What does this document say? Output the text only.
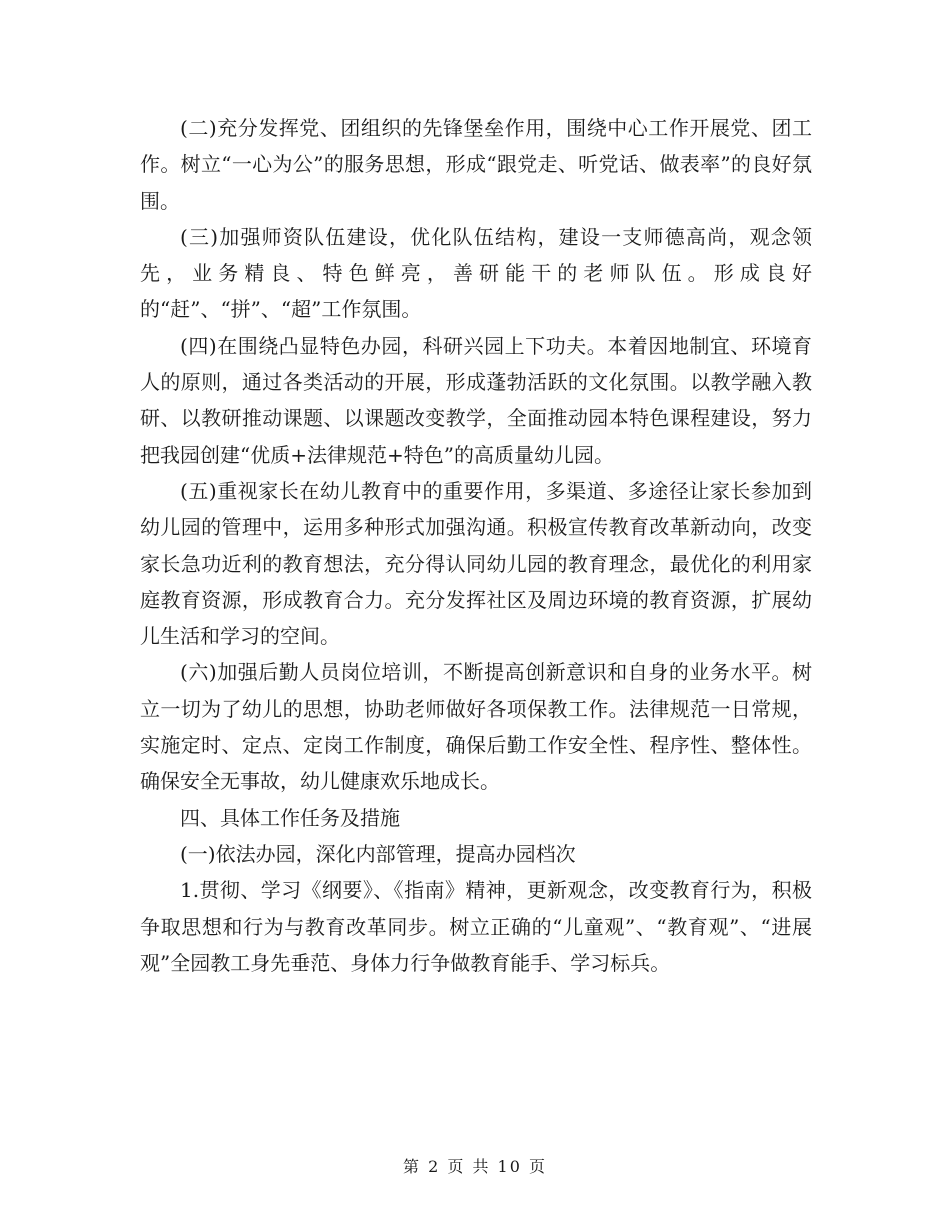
(二)充分发挥党、团组织的先锋堡垒作用，围绕中心工作开展党、团工作。树立“一心为公”的服务思想，形成“跟党走、听党话、做表率”的良好氛围。

(三)加强师资队伍建设，优化队伍结构，建设一支师德高尚，观念领先，业务精良、特色鲜亮，善研能干的老师队伍。形成良好的“赶”、“拼”、“超”工作氛围。

(四)在围绕凸显特色办园，科研兴园上下功夫。本着因地制宜、环境育人的原则，通过各类活动的开展，形成蓬勃活跃的文化氛围。以教学融入教研、以教研推动课题、以课题改变教学，全面推动园本特色课程建设，努力把我园创建“优质+法律规范+特色”的高质量幼儿园。

(五)重视家长在幼儿教育中的重要作用，多渠道、多途径让家长参加到幼儿园的管理中，运用多种形式加强沟通。积极宣传教育改革新动向，改变家长急功近利的教育想法，充分得认同幼儿园的教育理念，最优化的利用家庭教育资源，形成教育合力。充分发挥社区及周边环境的教育资源，扩展幼儿生活和学习的空间。

(六)加强后勤人员岗位培训，不断提高创新意识和自身的业务水平。树立一切为了幼儿的思想，协助老师做好各项保教工作。法律规范一日常规，实施定时、定点、定岗工作制度，确保后勤工作安全性、程序性、整体性。确保安全无事故，幼儿健康欢乐地成长。

四、具体工作任务及措施

(一)依法办园，深化内部管理，提高办园档次

1.贯彻、学习《纲要》、《指南》精神，更新观念，改变教育行为，积极争取思想和行为与教育改革同步。树立正确的“儿童观”、“教育观”、“进展观”全园教工身先垂范、身体力行争做教育能手、学习标兵。

第 2 页 共 10 页
